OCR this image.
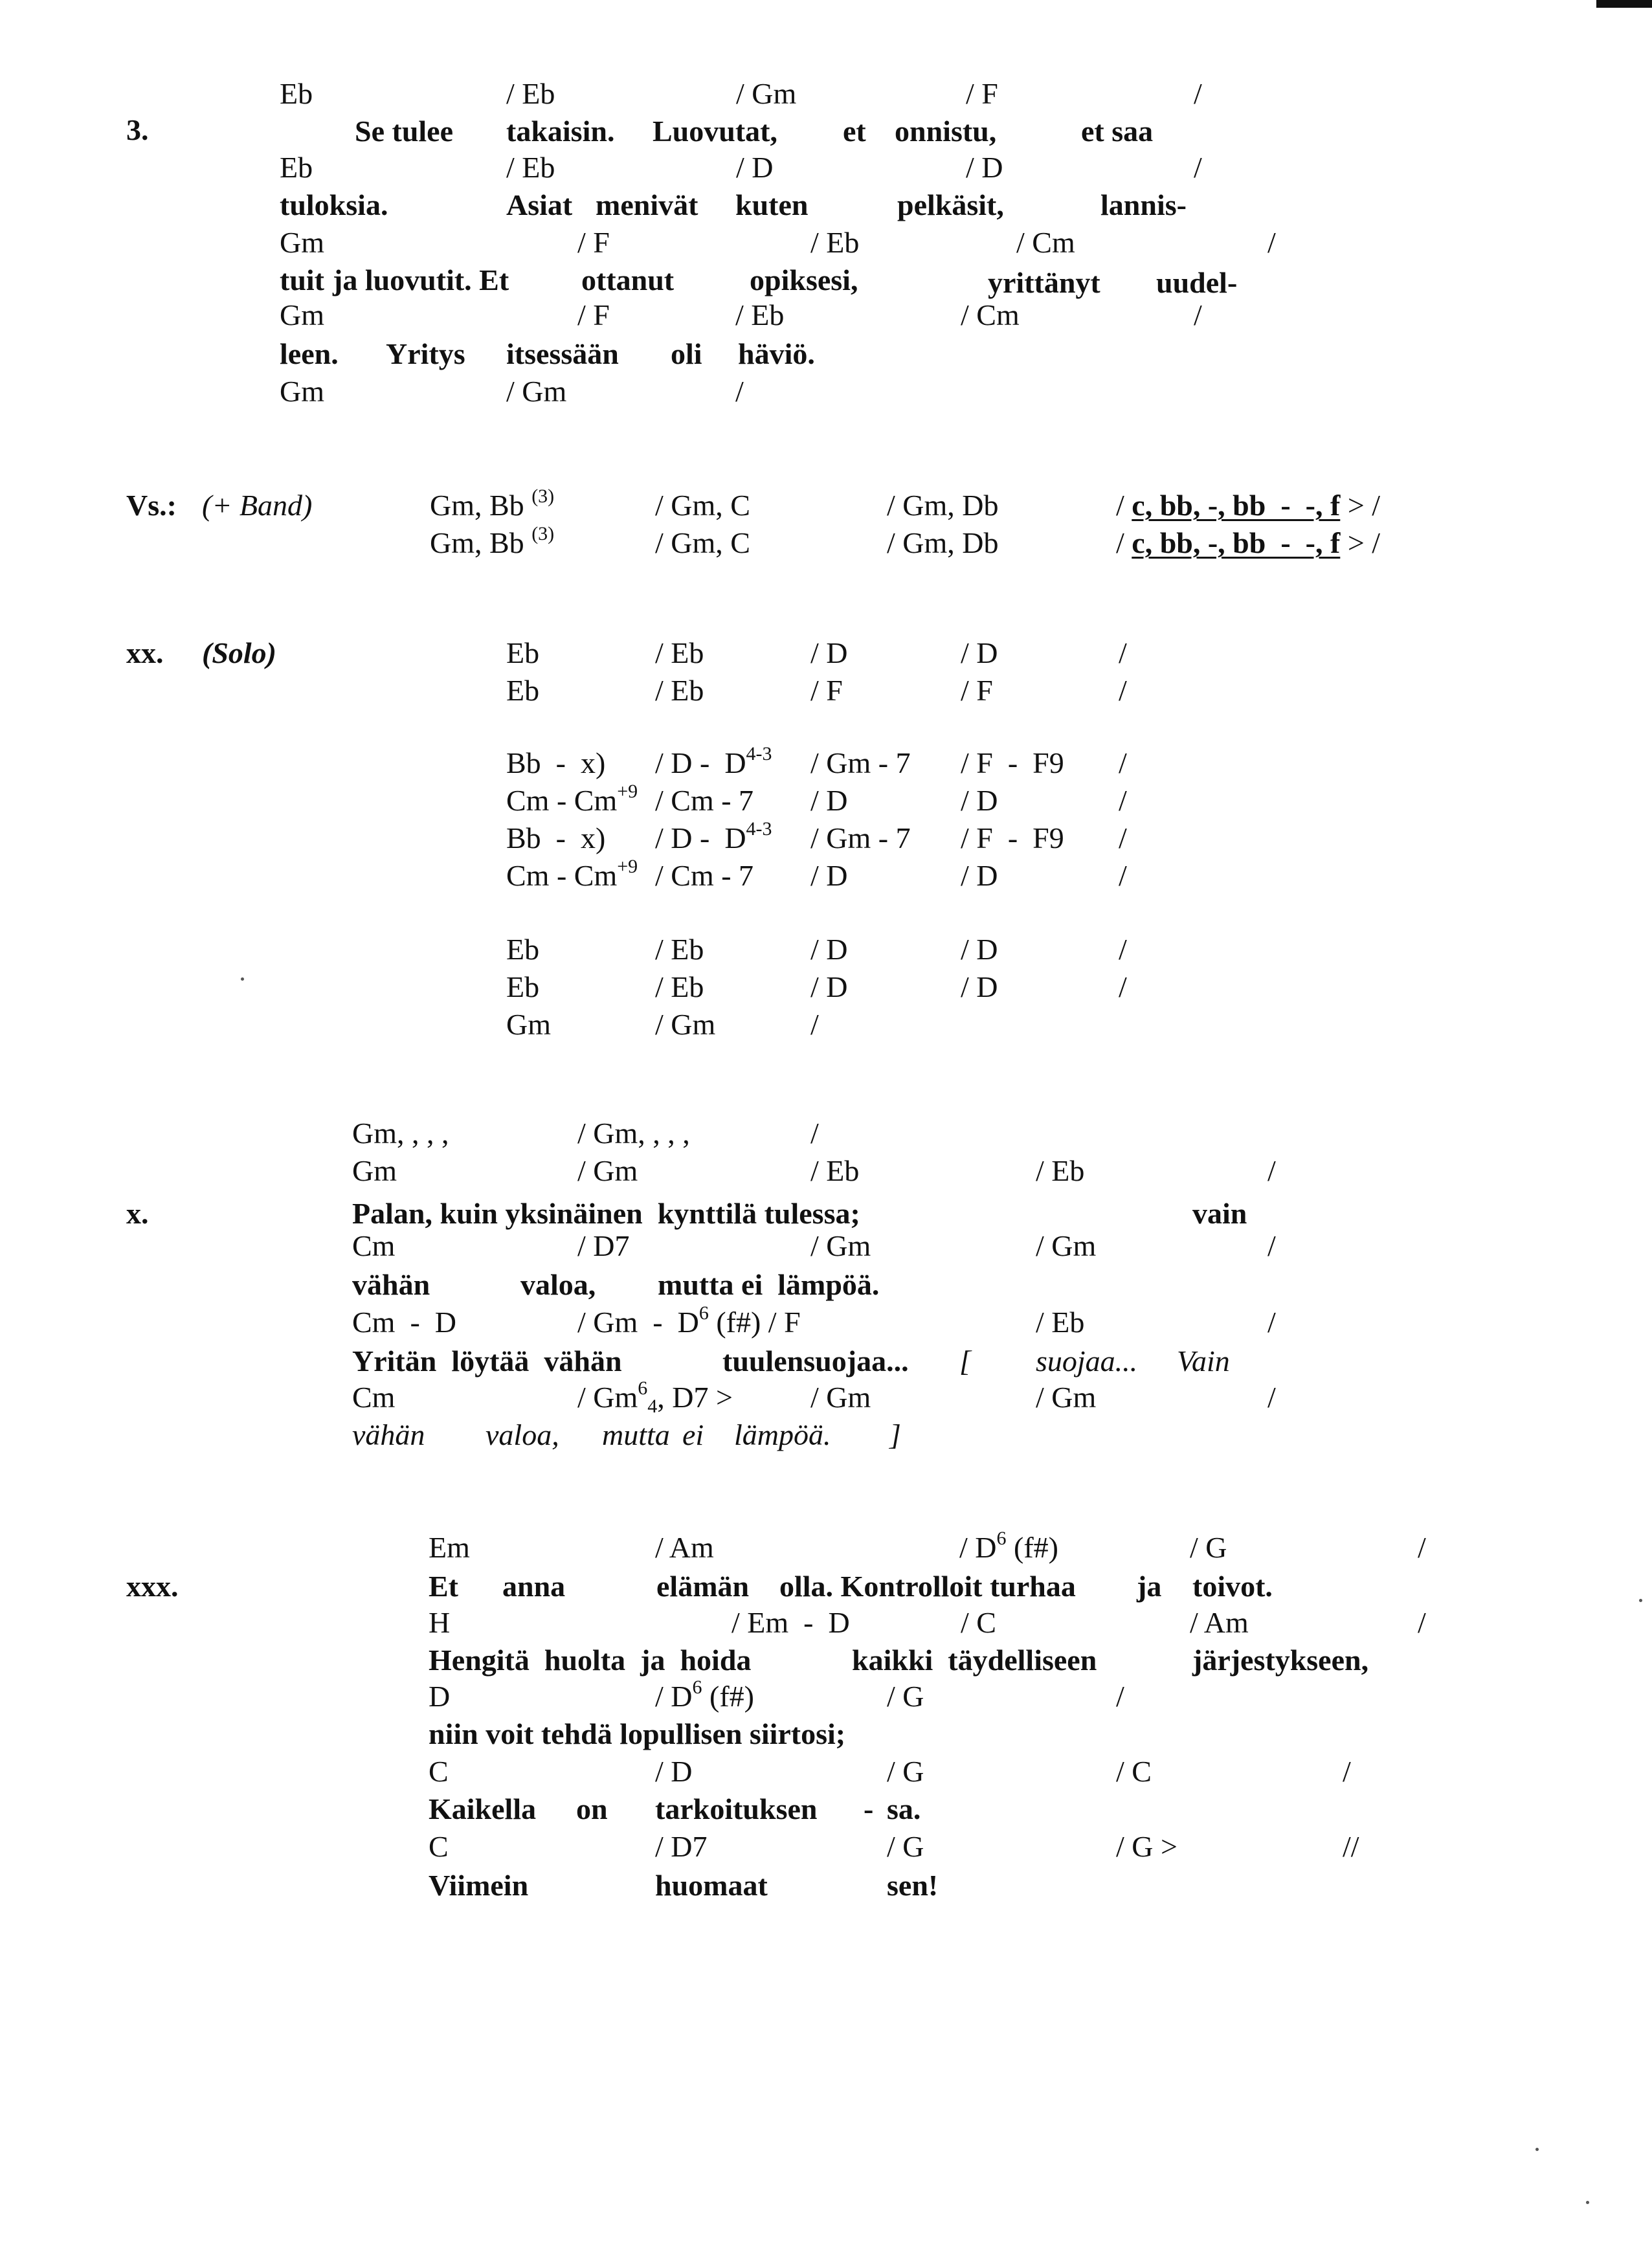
3.
Eb	/ Eb	/ Gm	/ F	/
Se tulee takaisin. Luovutat, et onnistu,	et saa
Eb	/ Eb	/ D	/ D	/
tuloksia.	Asiat menivät kuten	pelkäsit,	lannis-
Gm	/ F	/ Eb	/ Cm	/
tuit ja luovutit. Et ottanut	opiksesi,	yrittänyt uudel-
Gm	/ F	/ Eb	/ Cm	/
leen. Yritys itsessään oli häviö.
Gm	/ Gm	/
Vs.: (+ Band)	Gm, Bb $^{(3)}$	/ Gm, C	/ Gm, Db	/ c, bb, -, bb  -  -, f > /
Gm, Bb $^{(3)}$	/ Gm, C	/ Gm, Db	/ c, bb, -, bb  -  -, f > /
xx. (Solo)	Eb	/ Eb	/ D	/ D	/
Eb	/ Eb	/ F	/ F	/
Bb  -  x) / D -  $D^{4-3}$ / Gm - 7 / F  -  F9 /
Cm - $Cm^{+9}$ / Cm - 7 / D	/ D	/
Bb  -  x) / D -  $D^{4-3}$ / Gm - 7 / F  -  F9 /
Cm - $Cm^{+9}$ / Cm - 7 / D	/ D	/
Eb	/ Eb	/ D	/ D	/
Eb	/ Eb	/ D	/ D	/
Gm	/ Gm	/
Gm, , , ,	/ Gm, , , ,	/
Gm	/ Gm	/ Eb	/ Eb	/
x.	Palan, kuin yksinäinen  kynttilä tulessa;	vain
Cm	/ D7	/ Gm	/ Gm	/
vähän	valoa, mutta ei  lämpöä.
Cm  -  D	/ Gm  -  $D^6$ (f#) / F	/ Eb	/
Yritän  löytää  vähän	tuulensuojaa... [ suojaa... Vain
Cm	/ $Gm^6_4$, D7 >	/ Gm	/ Gm	/
vähän valoa, mutta ei lämpöä. ]
Em	/ Am	/ $D^6$ (f#)	/ G	/
xxx.	Et anna	elämän olla. Kontrolloit turhaa ja toivot.
H	/ Em  -  D	/ C	/ Am	/
Hengitä  huolta  ja  hoida	kaikki  täydelliseen	järjestykseen,
D	/ $D^6$ (f#)	/ G	/
niin voit tehdä lopullisen siirtosi;
C	/ D	/ G	/ C	/
Kaikella on tarkoituksen - sa.
C	/ D7	/ G	/ G >	//
Viimein	huomaat	sen!
